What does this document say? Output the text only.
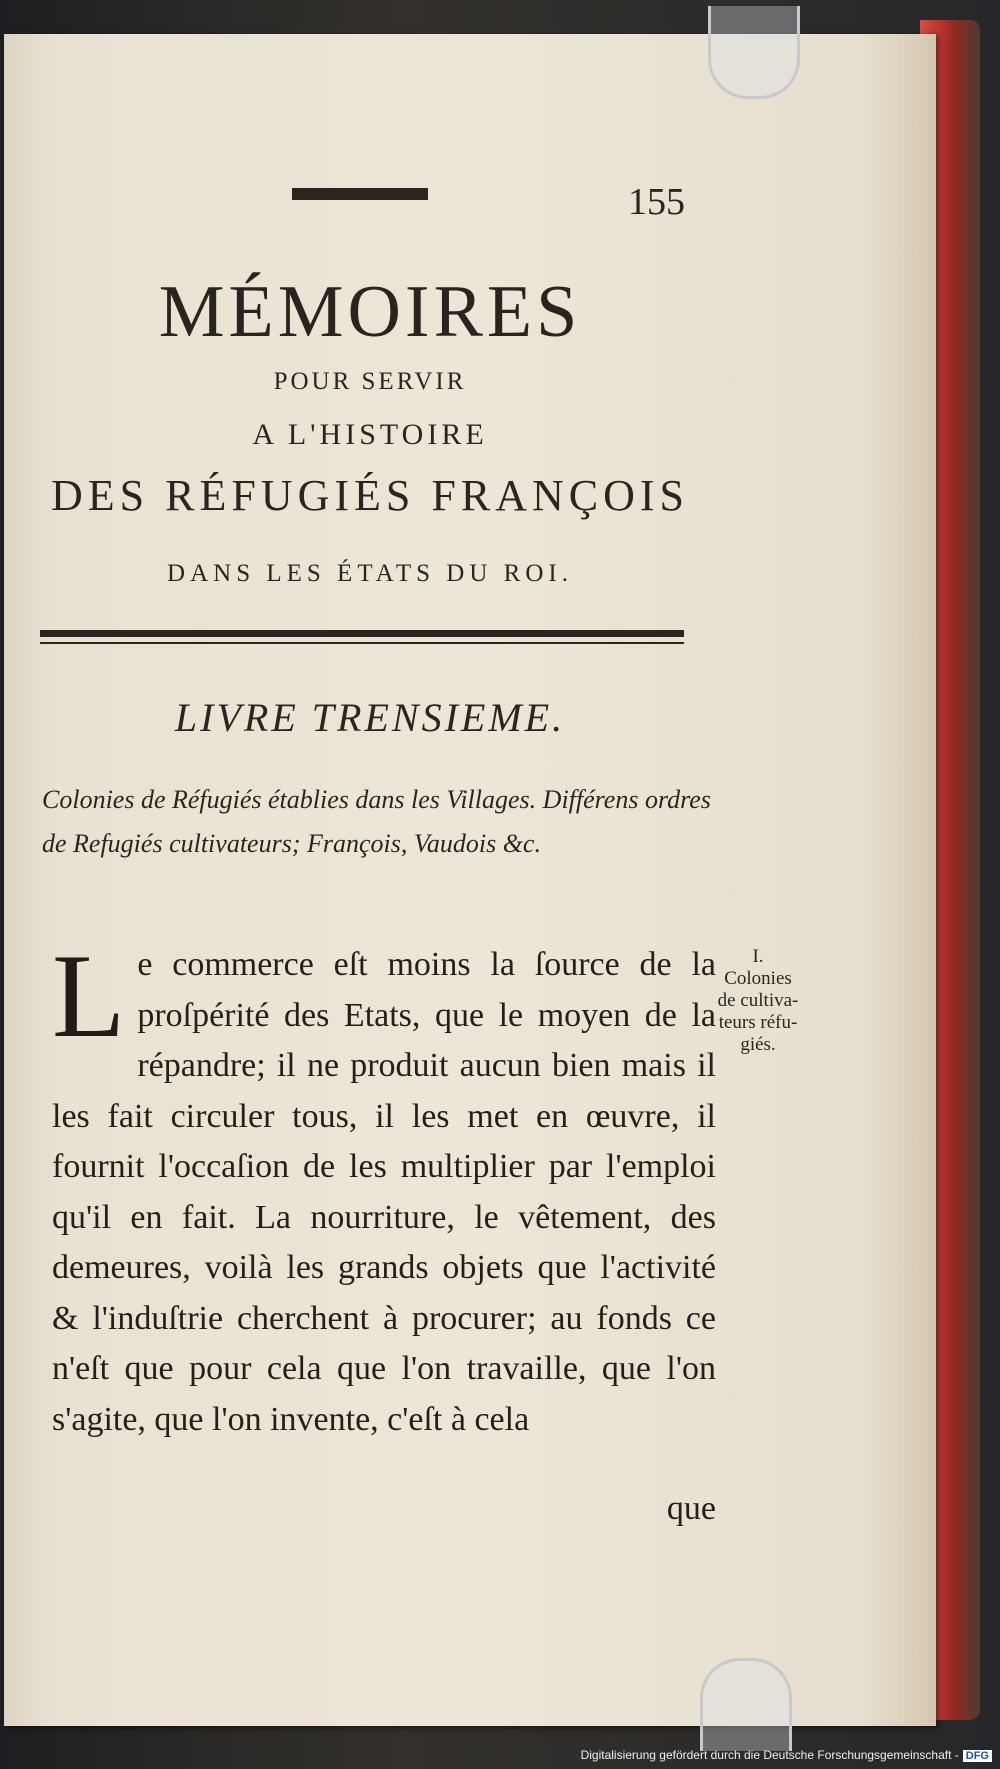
155
MÉMOIRES
POUR SERVIR
A L'HISTOIRE
DES RÉFUGIÉS FRANÇOIS
DANS LES ÉTATS DU ROI.
LIVRE TRENSIEME.
Colonies de Réfugiés établies dans les Villages. Différens ordres de Refugiés cultivateurs; François, Vaudois &c.
L e commerce eſt moins la ſource de la proſpérité des Etats, que le moyen de la répandre; il ne produit aucun bien mais il les fait circuler tous, il les met en œuvre, il fournit l'occaſion de les multiplier par l'emploi qu'il en fait. La nourriture, le vêtement, des demeures, voilà les grands objets que l'activité & l'induſtrie cherchent à procurer; au fonds ce n'eſt que pour cela que l'on travaille, que l'on s'agite, que l'on invente, c'eſt à cela
que
I.
Colonies
de cultiva-
teurs réfu-
giés.
Digitalisierung gefördert durch die Deutsche Forschungsgemeinschaft - DFG
